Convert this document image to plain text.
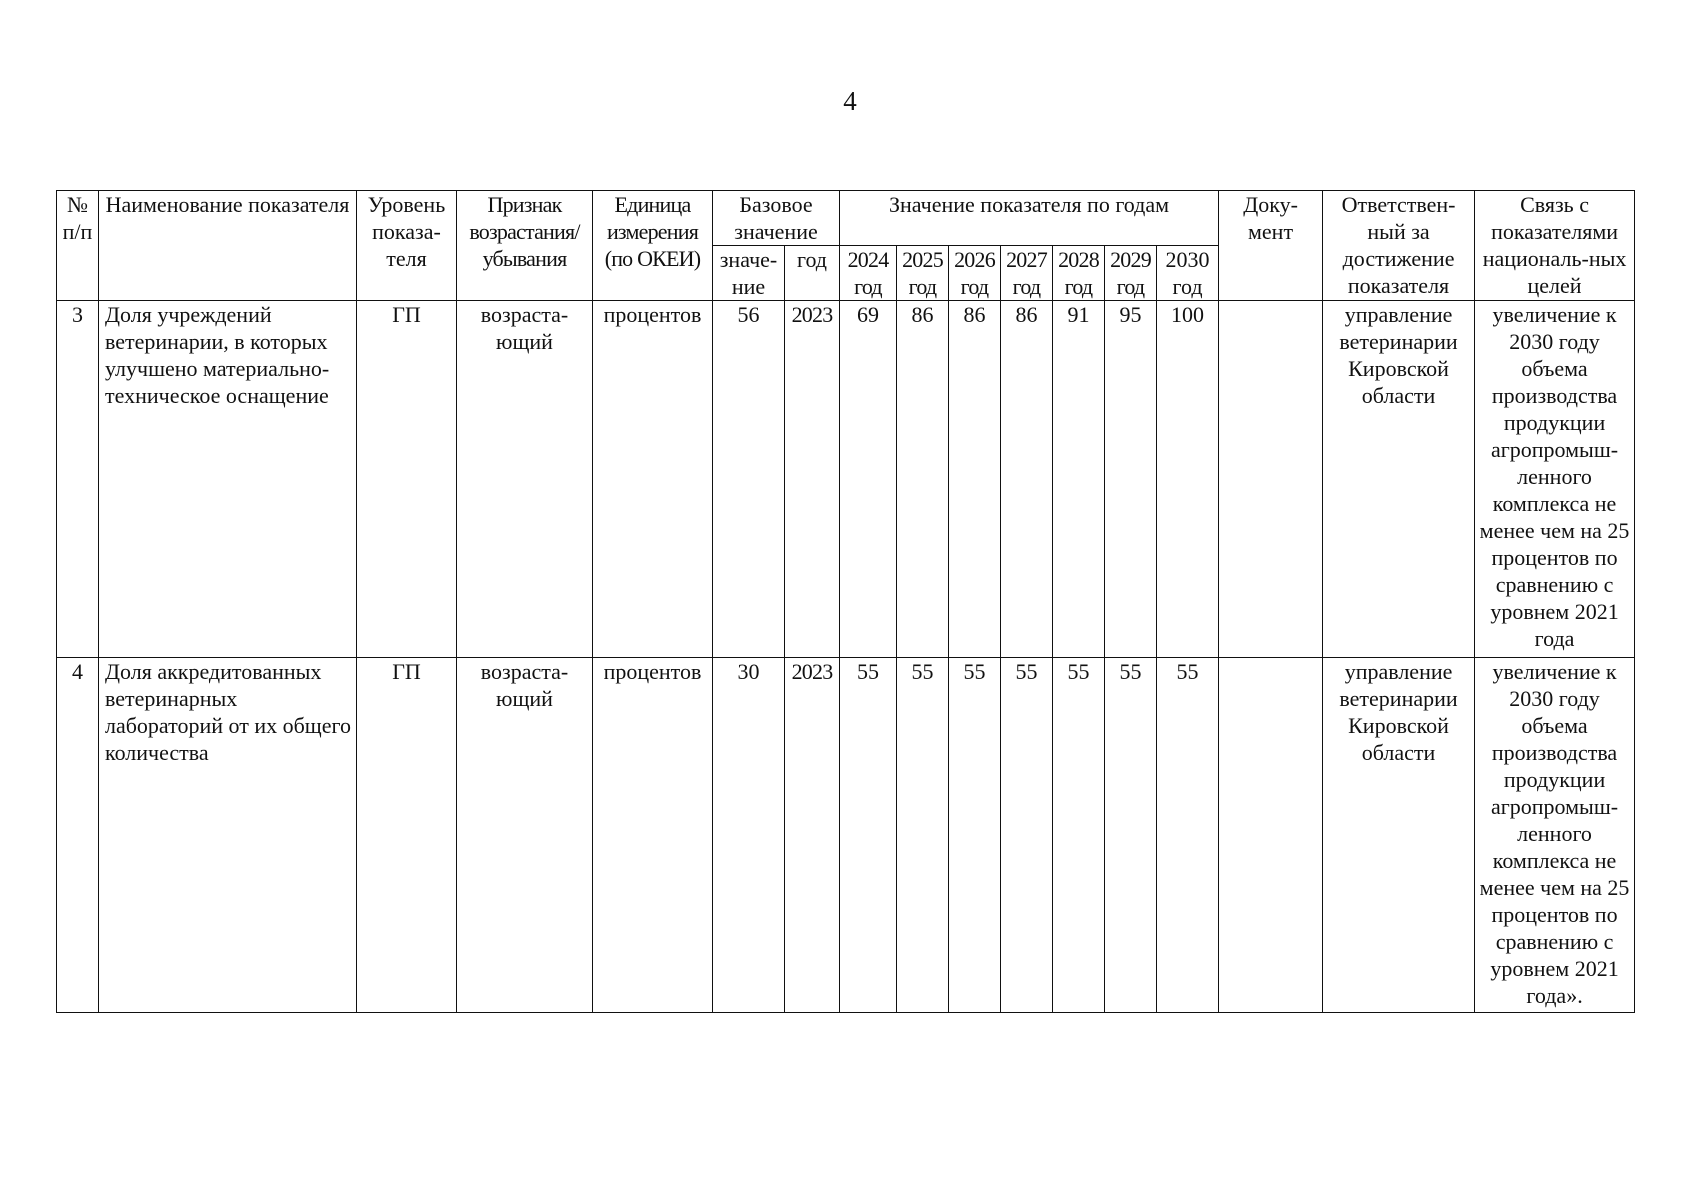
4
№ п/п	Наименование показателя	Уровень показа-теля	Признак возрастания/ убывания	Единица измерения (по ОКЕИ)	Базовое значение		Значение показателя по годам							Доку-мент	Ответствен-ный за достижение показателя	Связь с показателями националь-ных целей

					значе-ние	год	2024 год	2025 год	2026 год	2027 год	2028 год	2029 год	2030 год			

3	Доля учреждений ветеринарии, в которых улучшено материально-техническое оснащение	ГП	возраста-ющий	процентов	56	2023	69	86	86	86	91	95	100		управление ветеринарии Кировской области	увеличение к 2030 году объема производства продукции агропромыш-ленного комплекса не менее чем на 25 процентов по сравнению с уровнем 2021 года
4	Доля аккредитованных ветеринарных лабораторий от их общего количества	ГП	возраста-ющий	процентов	30	2023	55	55	55	55	55	55	55		управление ветеринарии Кировской области	увеличение к 2030 году объема производства продукции агропромыш-ленного комплекса не менее чем на 25 процентов по сравнению с уровнем 2021 года».
